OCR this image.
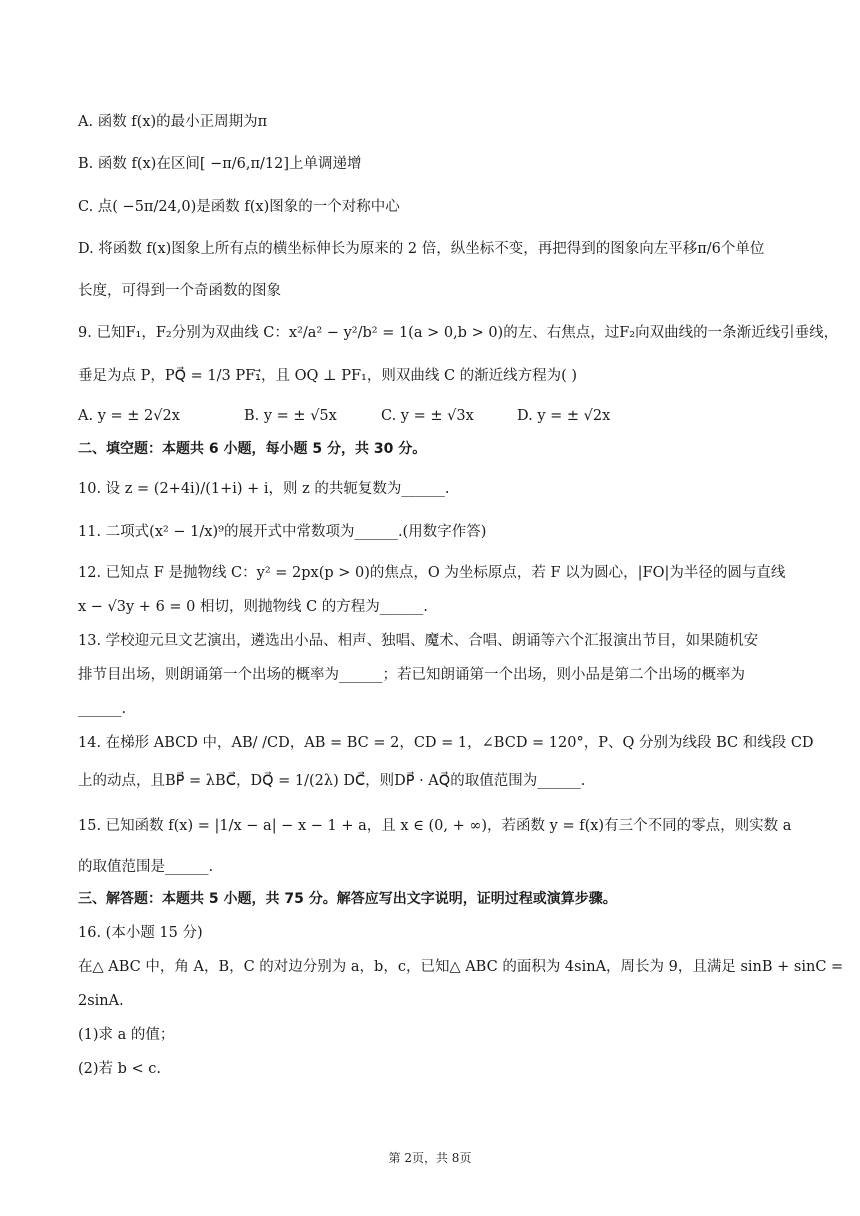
A. 函数 f(x)的最小正周期为π
B. 函数 f(x)在区间[ −π/6,π/12]上单调递增
C. 点( −5π/24,0)是函数 f(x)图象的一个对称中心
D. 将函数 f(x)图象上所有点的横坐标伸长为原来的 2 倍，纵坐标不变，再把得到的图象向左平移π/6个单位
长度，可得到一个奇函数的图象
9. 已知F₁，F₂分别为双曲线 C：x²/a² − y²/b² = 1(a > 0,b > 0)的左、右焦点，过F₂向双曲线的一条渐近线引垂线，
垂足为点 P，PQ⃗ = 1/3 PF₁⃗，且 OQ ⊥ PF₁，则双曲线 C 的渐近线方程为( )
A. y = ± 2√2x	B. y = ± √5x	C. y = ± √3x	D. y = ± √2x
二、填空题：本题共 6 小题，每小题 5 分，共 30 分。
10. 设 z = (2+4i)/(1+i) + i，则 z 的共轭复数为______.
11. 二项式(x² − 1/x)⁹的展开式中常数项为______.(用数字作答)
12. 已知点 F 是抛物线 C：y² = 2px(p > 0)的焦点，O 为坐标原点，若 F 以为圆心，|FO|为半径的圆与直线
x − √3y + 6 = 0 相切，则抛物线 C 的方程为______.
13. 学校迎元旦文艺演出，遴选出小品、相声、独唱、魔术、合唱、朗诵等六个汇报演出节目，如果随机安
排节目出场，则朗诵第一个出场的概率为______；若已知朗诵第一个出场，则小品是第二个出场的概率为
______.
14. 在梯形 ABCD 中，AB/ /CD，AB = BC = 2，CD = 1，∠BCD = 120°，P、Q 分别为线段 BC 和线段 CD
上的动点，且BP⃗ = λBC⃗，DQ⃗ = 1/(2λ) DC⃗，则DP⃗ · AQ⃗的取值范围为______.
15. 已知函数 f(x) = |1/x − a| − x − 1 + a，且 x ∈ (0, + ∞)，若函数 y = f(x)有三个不同的零点，则实数 a
的取值范围是______.
三、解答题：本题共 5 小题，共 75 分。解答应写出文字说明，证明过程或演算步骤。
16. (本小题 15 分)
在△ ABC 中，角 A，B，C 的对边分别为 a，b，c，已知△ ABC 的面积为 4sinA，周长为 9，且满足 sinB + sinC =
2sinA.
(1)求 a 的值；
(2)若 b < c.
第 2页，共 8页
